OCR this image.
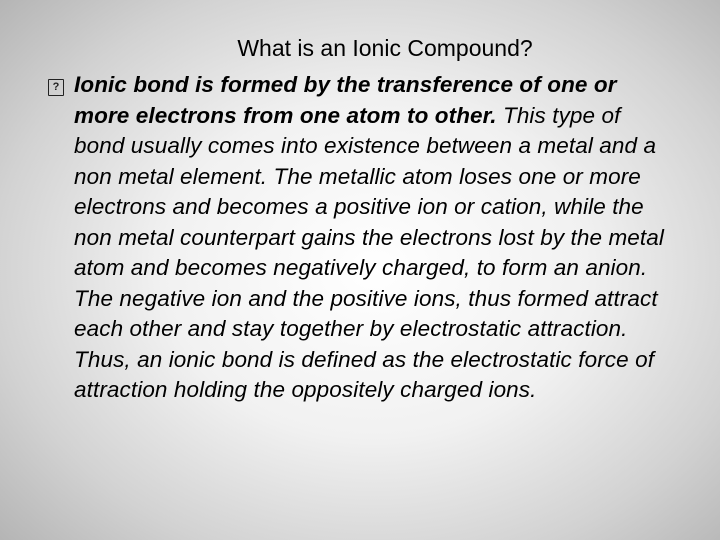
What is an Ionic Compound?
? Ionic bond is formed by the transference of one or more electrons from one atom to other. This type of bond usually comes into existence between a metal and a non metal element. The metallic atom loses one or more electrons and becomes a positive ion or cation, while the non metal counterpart gains the electrons lost by the metal atom and becomes negatively charged, to form an anion. The negative ion and the positive ions, thus formed attract each other and stay together by electrostatic attraction. Thus, an ionic bond is defined as the electrostatic force of attraction holding the oppositely charged ions.
